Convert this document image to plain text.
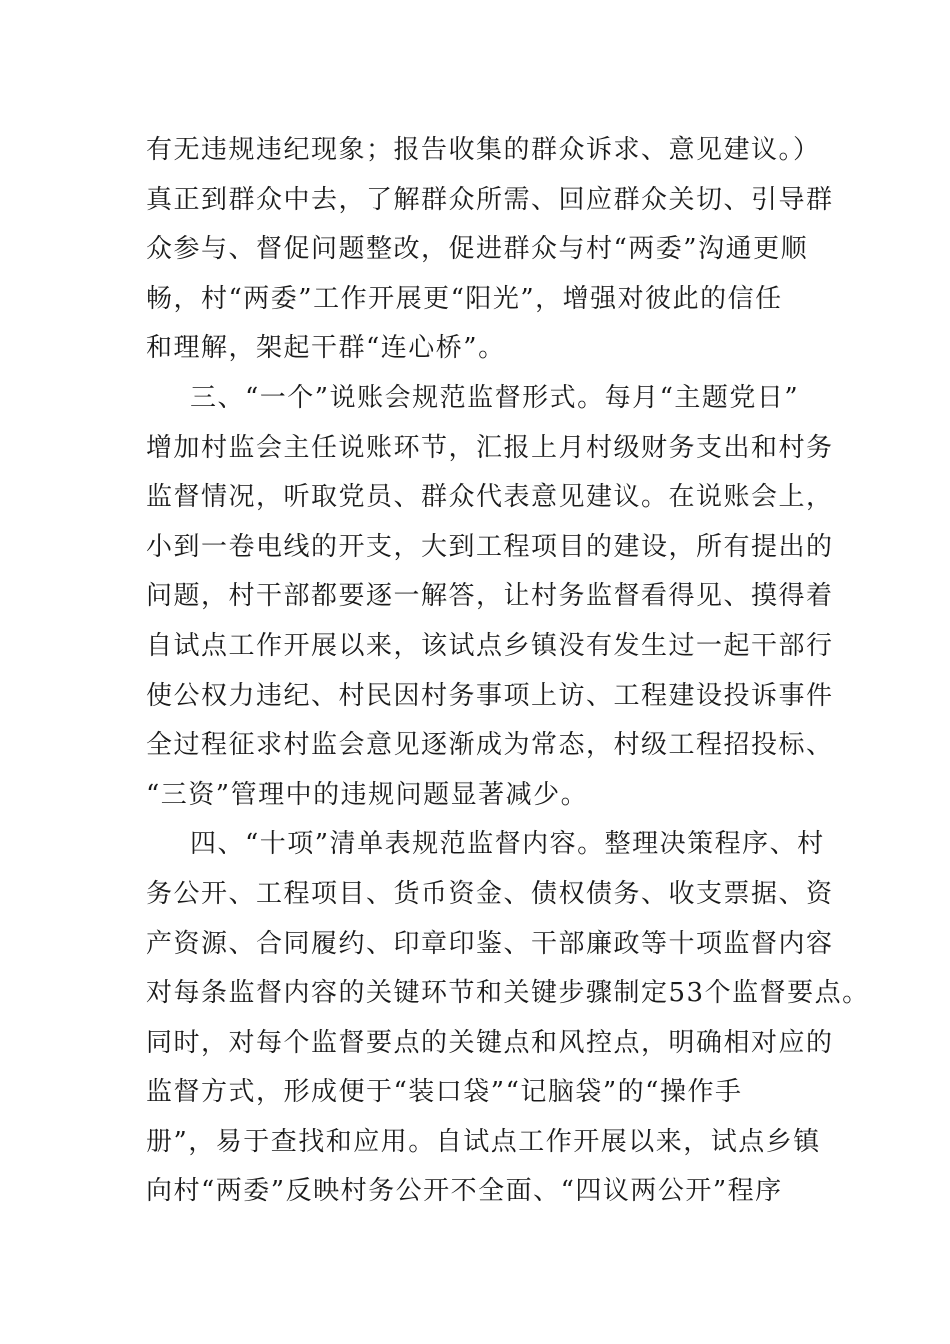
有无违规违纪现象；报告收集的群众诉求、意见建议。）
真正到群众中去，了解群众所需、回应群众关切、引导群
众参与、督促问题整改，促进群众与村“两委”沟通更顺
畅，村“两委”工作开展更“阳光”，增强对彼此的信任
和理解，架起干群“连心桥”。
三、“一个”说账会规范监督形式。每月“主题党日”
增加村监会主任说账环节，汇报上月村级财务支出和村务
监督情况，听取党员、群众代表意见建议。在说账会上，
小到一卷电线的开支，大到工程项目的建设，所有提出的
问题，村干部都要逐一解答，让村务监督看得见、摸得着
自试点工作开展以来，该试点乡镇没有发生过一起干部行
使公权力违纪、村民因村务事项上访、工程建设投诉事件
全过程征求村监会意见逐渐成为常态，村级工程招投标、
“三资”管理中的违规问题显著减少。
四、“十项”清单表规范监督内容。整理决策程序、村
务公开、工程项目、货币资金、债权债务、收支票据、资
产资源、合同履约、印章印鉴、干部廉政等十项监督内容
对每条监督内容的关键环节和关键步骤制定53个监督要点。
同时，对每个监督要点的关键点和风控点，明确相对应的
监督方式，形成便于“装口袋”“记脑袋”的“操作手
册”，易于查找和应用。自试点工作开展以来，试点乡镇
向村“两委”反映村务公开不全面、“四议两公开”程序
